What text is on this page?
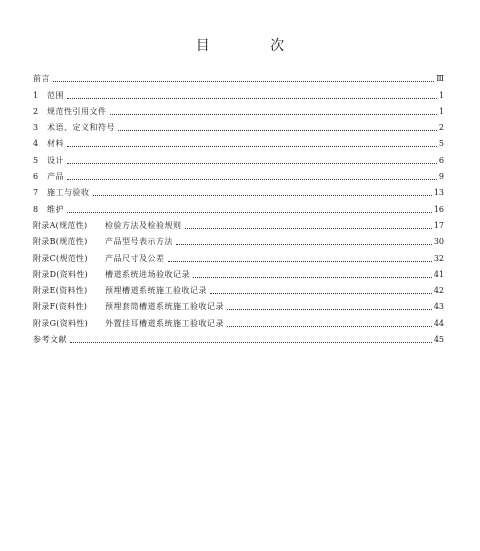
目 次
前言	Ⅲ
1	范围	1
2	规范性引用文件	1
3	术语、定义和符号	2
4	材料	5
5	设计	6
6	产品	9
7	施工与验收	13
8	维护	16
附录A(规范性)	检验方法及检验规则	17
附录B(规范性)	产品型号表示方法	30
附录C(规范性)	产品尺寸及公差	32
附录D(资料性)	槽道系统进场验收记录	41
附录E(资料性)	预埋槽道系统施工验收记录	42
附录F(资料性)	预埋套筒槽道系统施工验收记录	43
附录G(资料性)	外置挂耳槽道系统施工验收记录	44
参考文献	45
